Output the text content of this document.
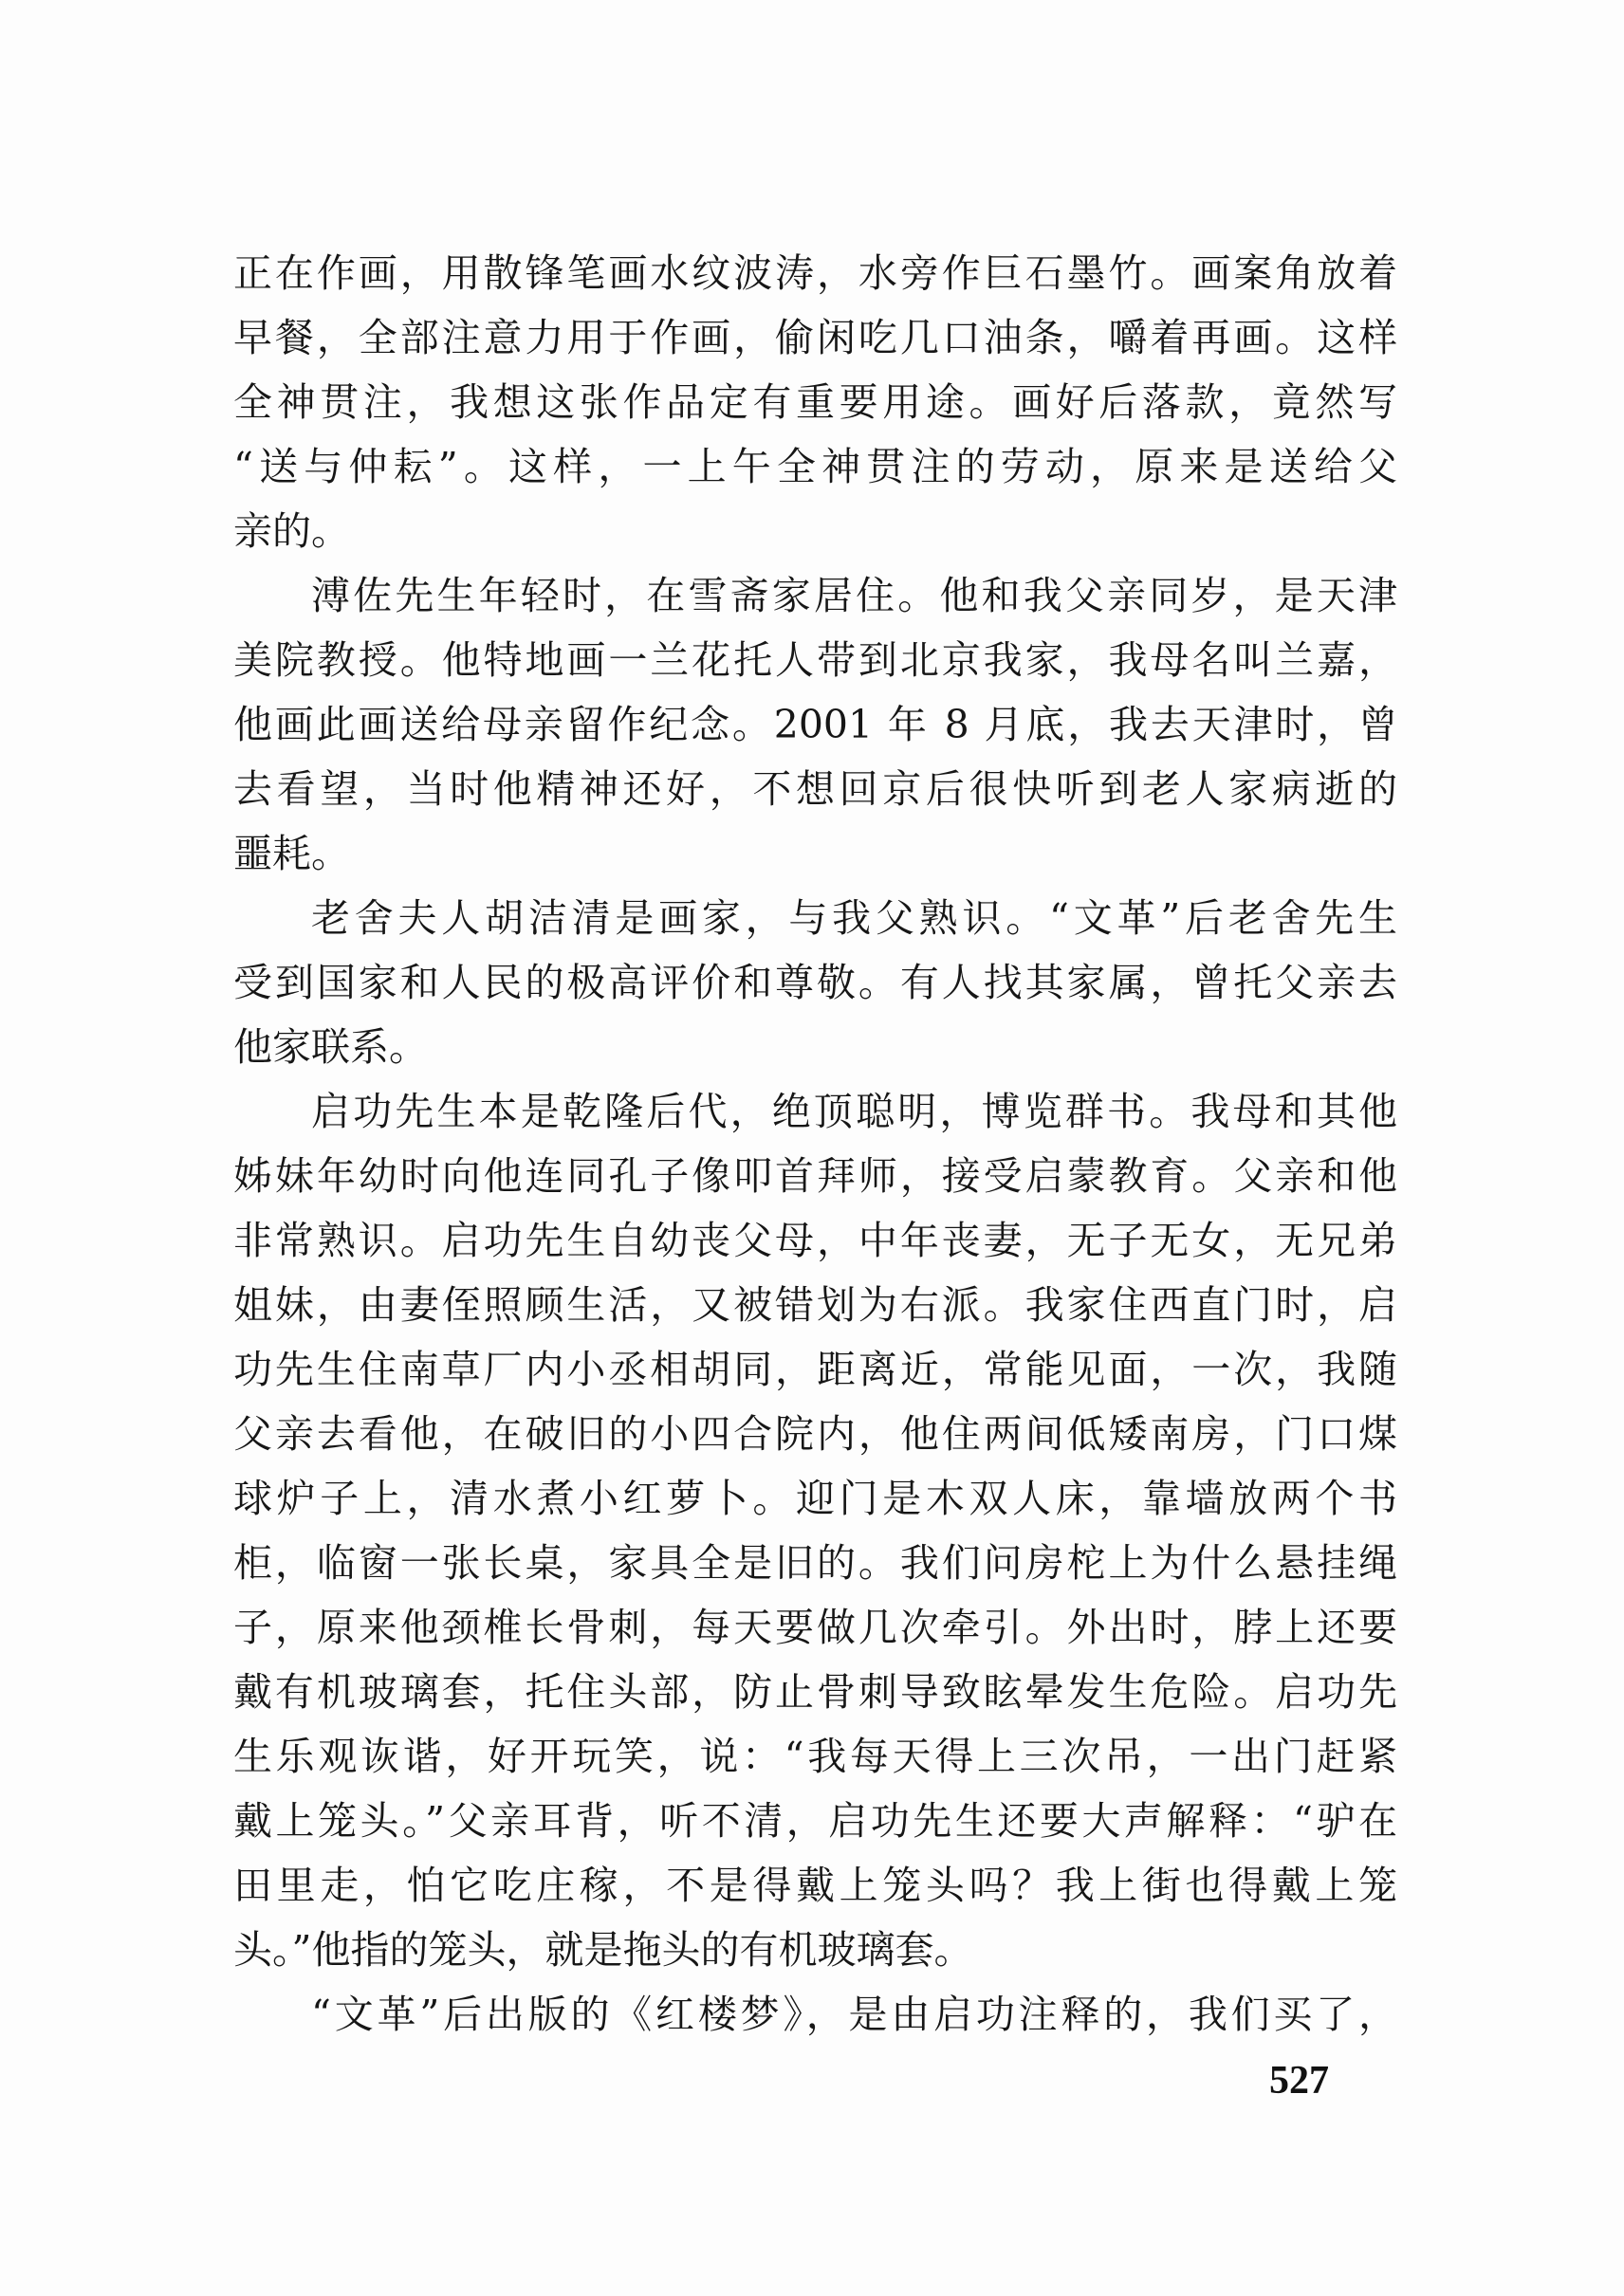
正在作画，用散锋笔画水纹波涛，水旁作巨石墨竹。画案角放着
早餐，全部注意力用于作画，偷闲吃几口油条，嚼着再画。这样
全神贯注，我想这张作品定有重要用途。画好后落款，竟然写
“送与仲耘”。这样，一上午全神贯注的劳动，原来是送给父
亲的。
溥佐先生年轻时，在雪斋家居住。他和我父亲同岁，是天津
美院教授。他特地画一兰花托人带到北京我家，我母名叫兰嘉，
他画此画送给母亲留作纪念。2001 年 8 月底，我去天津时，曾
去看望，当时他精神还好，不想回京后很快听到老人家病逝的
噩耗。
老舍夫人胡洁清是画家，与我父熟识。“文革”后老舍先生
受到国家和人民的极高评价和尊敬。有人找其家属，曾托父亲去
他家联系。
启功先生本是乾隆后代，绝顶聪明，博览群书。我母和其他
姊妹年幼时向他连同孔子像叩首拜师，接受启蒙教育。父亲和他
非常熟识。启功先生自幼丧父母，中年丧妻，无子无女，无兄弟
姐妹，由妻侄照顾生活，又被错划为右派。我家住西直门时，启
功先生住南草厂内小丞相胡同，距离近，常能见面，一次，我随
父亲去看他，在破旧的小四合院内，他住两间低矮南房，门口煤
球炉子上，清水煮小红萝卜。迎门是木双人床，靠墙放两个书
柜，临窗一张长桌，家具全是旧的。我们问房柁上为什么悬挂绳
子，原来他颈椎长骨刺，每天要做几次牵引。外出时，脖上还要
戴有机玻璃套，托住头部，防止骨刺导致眩晕发生危险。启功先
生乐观诙谐，好开玩笑，说：“我每天得上三次吊，一出门赶紧
戴上笼头。”父亲耳背，听不清，启功先生还要大声解释：“驴在
田里走，怕它吃庄稼，不是得戴上笼头吗？我上街也得戴上笼
头。”他指的笼头，就是拖头的有机玻璃套。
“文革”后出版的《红楼梦》，是由启功注释的，我们买了，
527
